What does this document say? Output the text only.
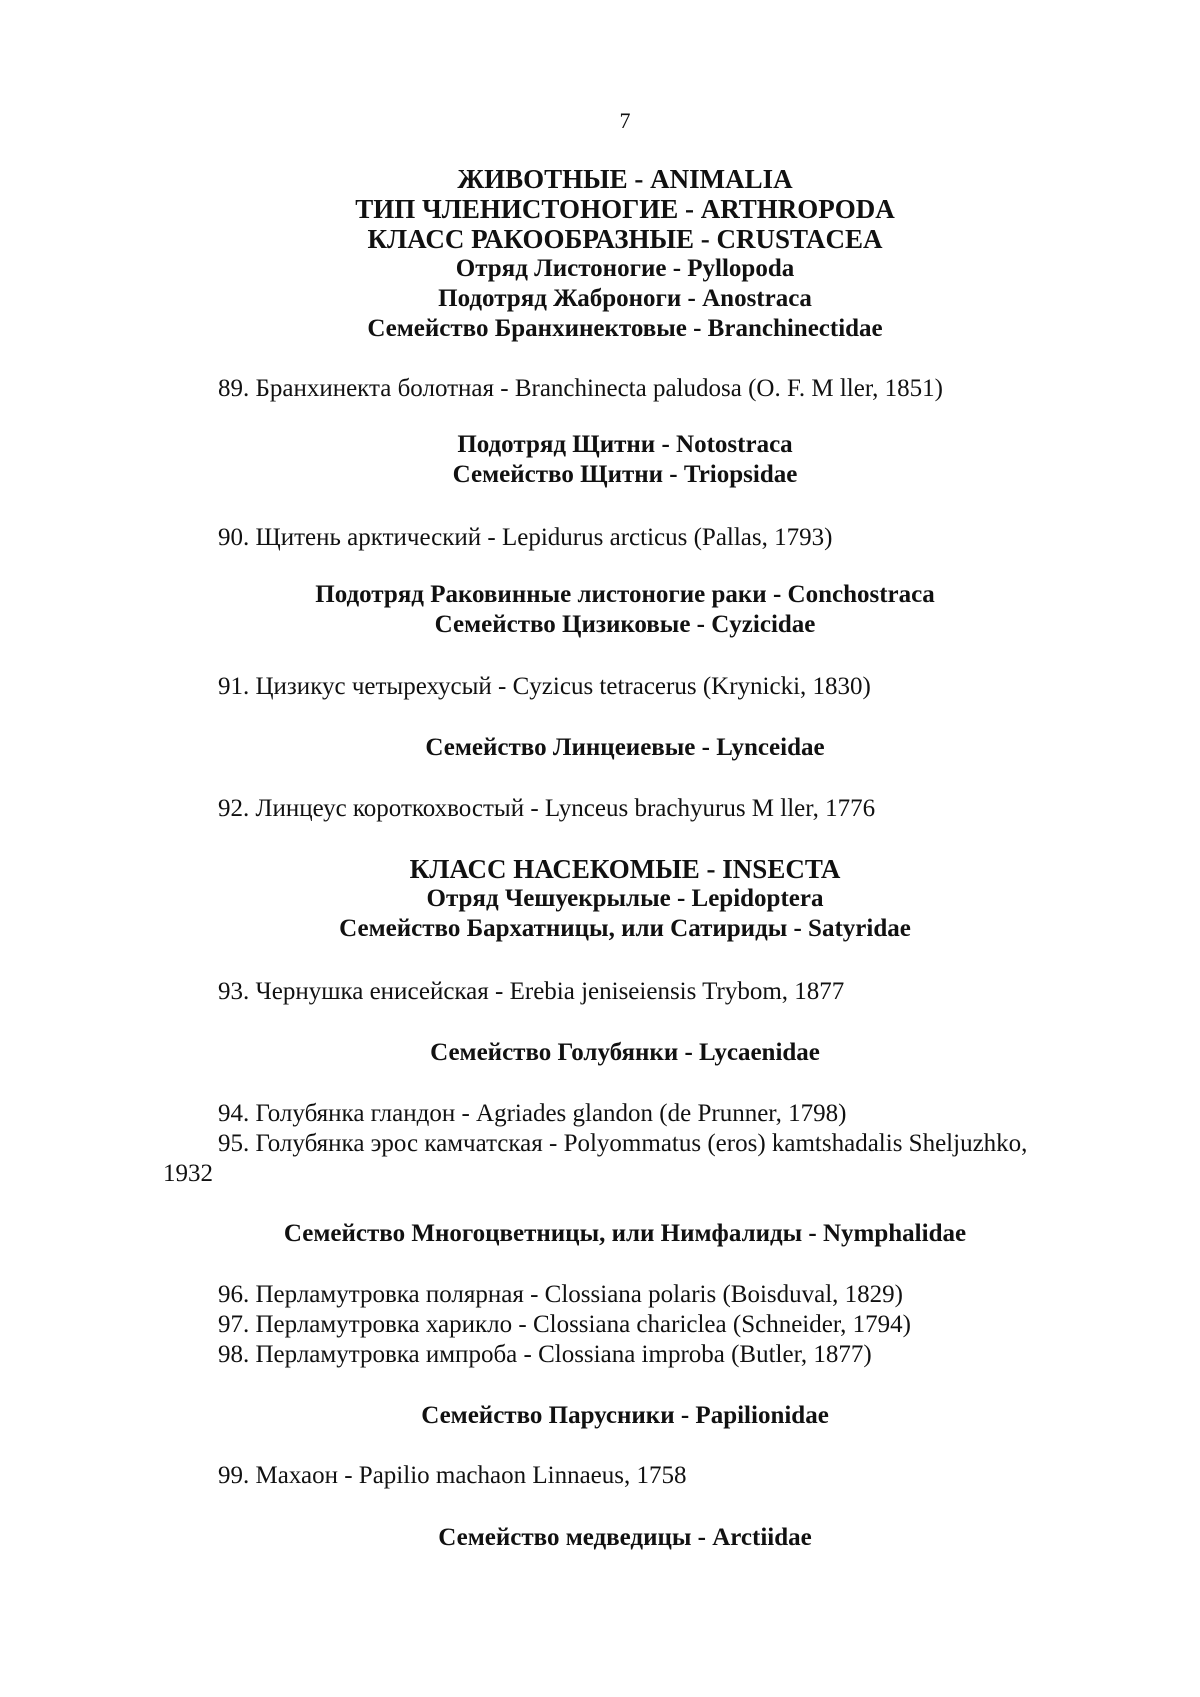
7
ЖИВОТНЫЕ - ANIMALIA
ТИП ЧЛЕНИСТОНОГИЕ - ARTHROPODA
КЛАСС РАКООБРАЗНЫЕ - CRUSTACEA
Отряд Листоногие - Pyllopoda
Подотряд Жаброноги - Anostraca
Семейство Бранхинектовые - Branchinectidae
89. Бранхинекта болотная - Branchinecta paludosa (O. F. M ller, 1851)
Подотряд Щитни - Notostraca
Семейство Щитни - Triopsidae
90. Щитень арктический - Lepidurus arcticus (Pallas, 1793)
Подотряд Раковинные листоногие раки - Conchostraca
Семейство Цизиковые - Cyzicidae
91. Цизикус четырехусый - Cyzicus tetracerus (Krynicki, 1830)
Семейство Линцеиевые - Lynceidae
92. Линцеус короткохвостый - Lynceus brachyurus M ller, 1776
КЛАСС НАСЕКОМЫЕ - INSECTA
Отряд Чешуекрылые - Lepidoptera
Семейство Бархатницы, или Сатириды - Satyridae
93. Чернушка енисейская - Erebia jeniseiensis Trybom, 1877
Семейство Голубянки - Lycaenidae
94. Голубянка гландон - Agriades glandon (de Prunner, 1798)
95. Голубянка эрос камчатская - Polyommatus (eros) kamtshadalis Sheljuzhko,
1932
Семейство Многоцветницы, или Нимфалиды - Nymphalidae
96. Перламутровка полярная - Clossiana polaris (Boisduval, 1829)
97. Перламутровка харикло - Clossiana chariclea (Schneider, 1794)
98. Перламутровка импроба - Clossiana improba (Butler, 1877)
Семейство Парусники - Papilionidae
99. Махаон - Papilio machaon Linnaeus, 1758
Семейство медведицы - Arctiidae
